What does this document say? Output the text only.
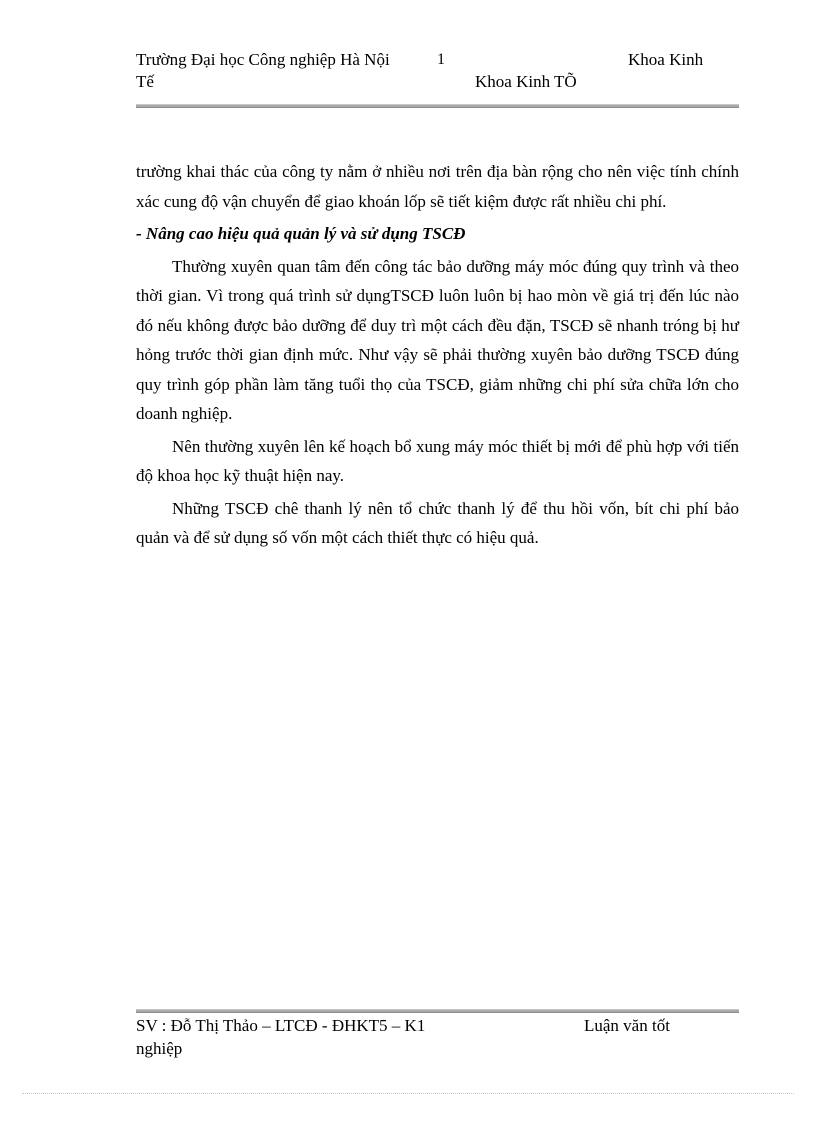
Trường Đại học Công nghiệp Hà Nội	1	Khoa Kinh
Tế	Khoa Kinh TÕ

trường khai thác của công ty nằm ở nhiều nơi trên địa bàn rộng cho nên việc tính chính xác cung độ vận chuyển để giao khoán lốp sẽ tiết kiệm được rất nhiều chi phí.

- Nâng cao hiệu quả quản lý và sử dụng TSCĐ

Thường xuyên quan tâm đến công tác bảo dưỡng máy móc đúng quy trình và theo thời gian. Vì trong quá trình sử dụngTSCĐ luôn luôn bị hao mòn về giá trị đến lúc nào đó nếu không được bảo dưỡng để duy trì một cách đều đặn, TSCĐ sẽ nhanh tróng bị hư hỏng trước thời gian định mức. Như vậy sẽ phải thường xuyên bảo dưỡng TSCĐ đúng quy trình góp phần làm tăng tuổi thọ của TSCĐ, giảm những chi phí sửa chữa lớn cho doanh nghiệp.

Nên thường xuyên lên kế hoạch bổ xung máy móc thiết bị mới để phù hợp với tiến độ khoa học kỹ thuật hiện nay.

Những TSCĐ chê thanh lý nên tổ chức thanh lý để thu hồi vốn, bít chi phí bảo quản và để sử dụng số vốn một cách thiết thực có hiệu quả.

SV : Đỗ Thị Thảo – LTCĐ - ĐHKT5 – K1	Luận văn tốt
nghiệp
